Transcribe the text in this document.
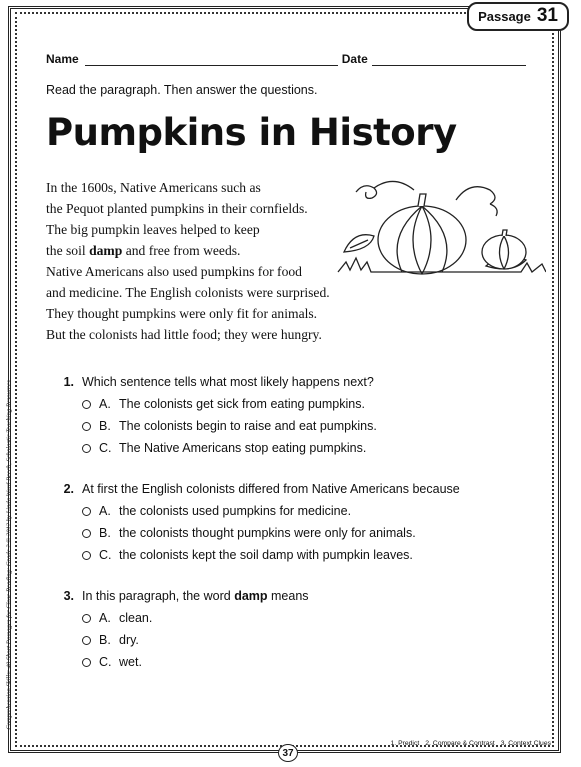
Passage 31
Name	Date
Read the paragraph. Then answer the questions.
Pumpkins in History
In the 1600s, Native Americans such as
the Pequot planted pumpkins in their cornfields.
The big pumpkin leaves helped to keep
the soil damp and free from weeds.
Native Americans also used pumpkins for food
and medicine. The English colonists were surprised.
They thought pumpkins were only fit for animals.
But the colonists had little food; they were hungry.
1. Which sentence tells what most likely happens next?
A. The colonists get sick from eating pumpkins.
B. The colonists begin to raise and eat pumpkins.
C. The Native Americans stop eating pumpkins.
2. At first the English colonists differed from Native Americans because
A. the colonists used pumpkins for medicine.
B. the colonists thought pumpkins were only for animals.
C. the colonists kept the soil damp with pumpkin leaves.
3. In this paragraph, the word damp means
A. clean.
B. dry.
C. wet.
Comprehension Skills: 40 Short Passages for Close Reading: Grade 2 © 2012 by Linda Ward Beech, Scholastic Teaching Resources
1. Predict 2. Compare & Contrast 3. Context Clues
37
